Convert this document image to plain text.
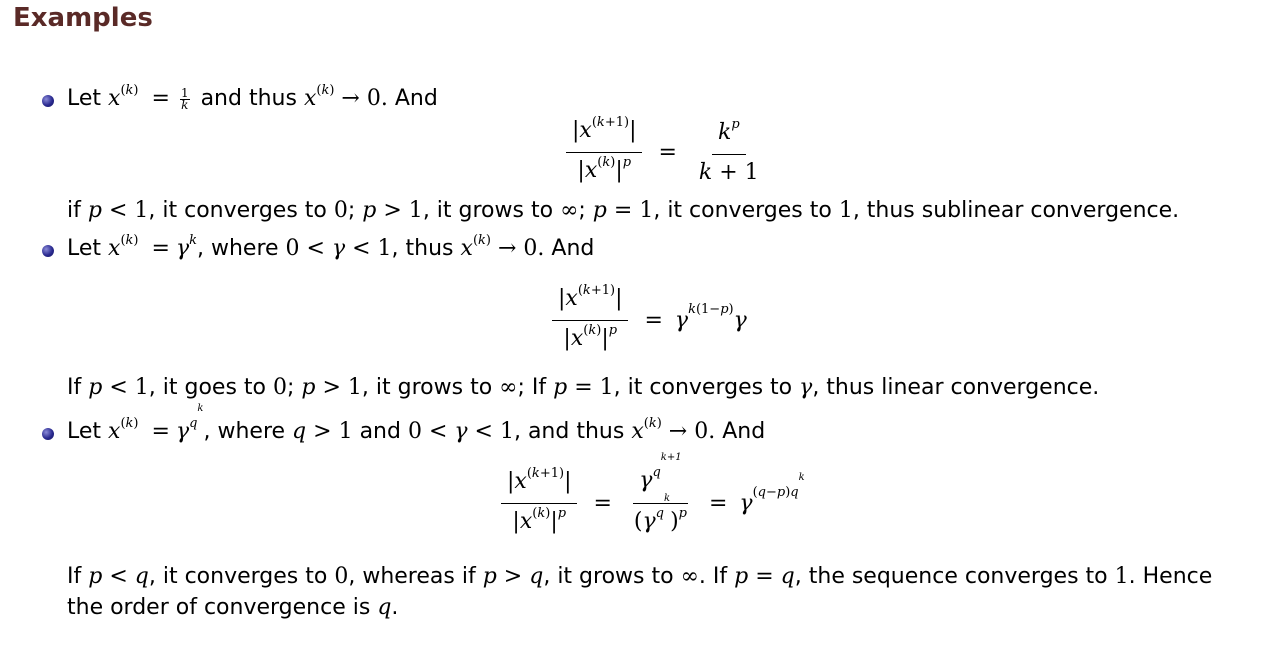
Examples
Let $x^{(k)} = \frac{1}{k}$ and thus $x^{(k)} \to 0$. And
$\frac{|x^{(k+1)}|}{|x^{(k)}|^p} = \frac{k^p}{k + 1}$
if p < 1, it converges to 0; p > 1, it grows to ∞; p = 1, it converges to 1, thus sublinear convergence.
Let $x^{(k)} = \gamma^k$, where 0 < γ < 1, thus $x^{(k)} \to 0$. And
$\frac{|x^{(k+1)}|}{|x^{(k)}|^p} = \gamma$ k(1−p) γ
If p < 1, it goes to 0; p > 1, it grows to ∞; If p = 1, it converges to γ, thus linear convergence.
Let $x^{(k)} = \gamma^{q^k}$, where q > 1 and 0 < γ < 1, and thus $x^{(k)} \to 0$. And
$\frac{|x^{(k+1)}|}{|x^{(k)}|^p} = \frac{\gamma^{q^{k+1}}}{(\gamma^{q^k})^p} = \gamma$ $(q-p)q^k$
If p < q, it converges to 0, whereas if p > q, it grows to ∞. If p = q, the sequence converges to 1. Hence
the order of convergence is q.
